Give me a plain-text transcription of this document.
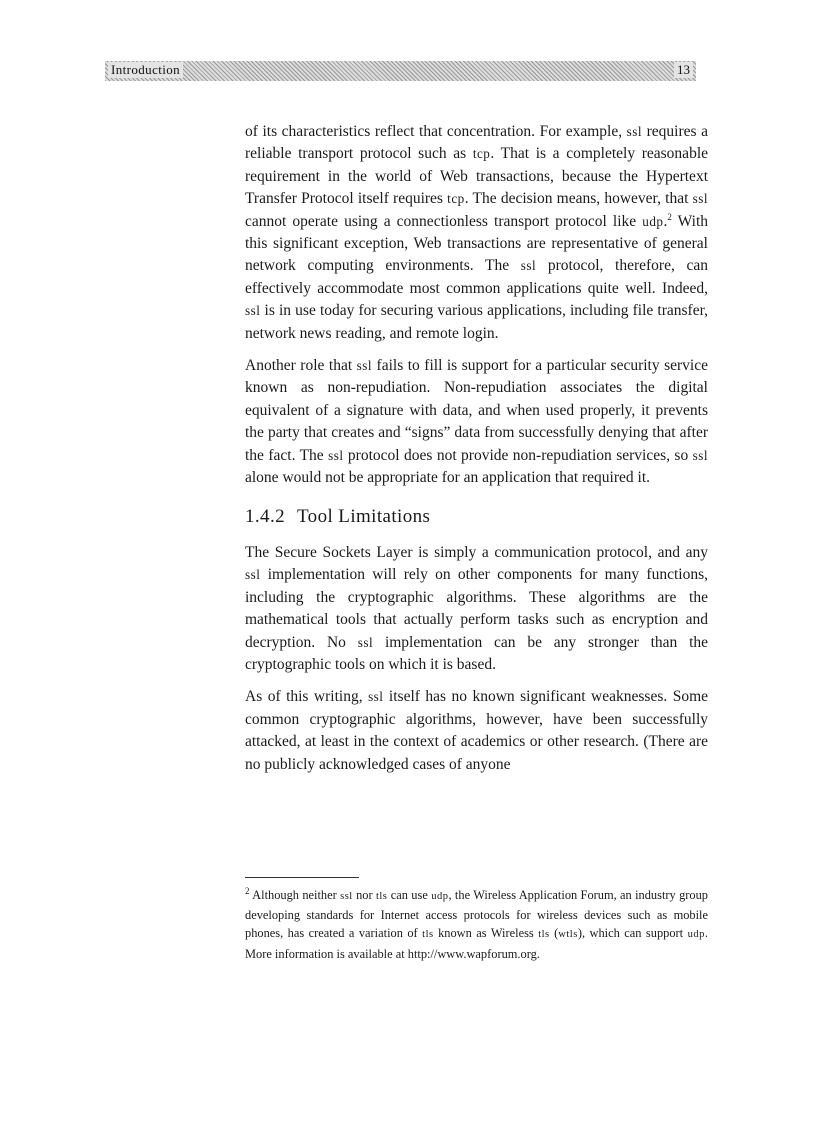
Introduction	13

of its characteristics reflect that concentration. For example, ssl requires a reliable transport protocol such as tcp. That is a completely reasonable requirement in the world of Web transactions, because the Hypertext Transfer Protocol itself requires tcp. The decision means, however, that ssl cannot operate using a connectionless transport protocol like udp.$^2$ With this significant exception, Web transactions are representative of general network computing environments. The ssl protocol, therefore, can effectively accommodate most common applications quite well. Indeed, ssl is in use today for securing various applications, including file transfer, network news reading, and remote login.

Another role that ssl fails to fill is support for a particular security service known as non-repudiation. Non-repudiation associates the digital equivalent of a signature with data, and when used properly, it prevents the party that creates and “signs” data from successfully denying that after the fact. The ssl protocol does not provide non-repudiation services, so ssl alone would not be appropriate for an application that required it.

1.4.2 Tool Limitations

The Secure Sockets Layer is simply a communication protocol, and any ssl implementation will rely on other components for many functions, including the cryptographic algorithms. These algorithms are the mathematical tools that actually perform tasks such as encryption and decryption. No ssl implementation can be any stronger than the cryptographic tools on which it is based.

As of this writing, ssl itself has no known significant weaknesses. Some common cryptographic algorithms, however, have been successfully attacked, at least in the context of academics or other research. (There are no publicly acknowledged cases of anyone

$^2$ Although neither ssl nor tls can use udp, the Wireless Application Forum, an industry group developing standards for Internet access protocols for wireless devices such as mobile phones, has created a variation of tls known as Wireless tls (wtls), which can support udp. More information is available at http://www.wapforum.org.
